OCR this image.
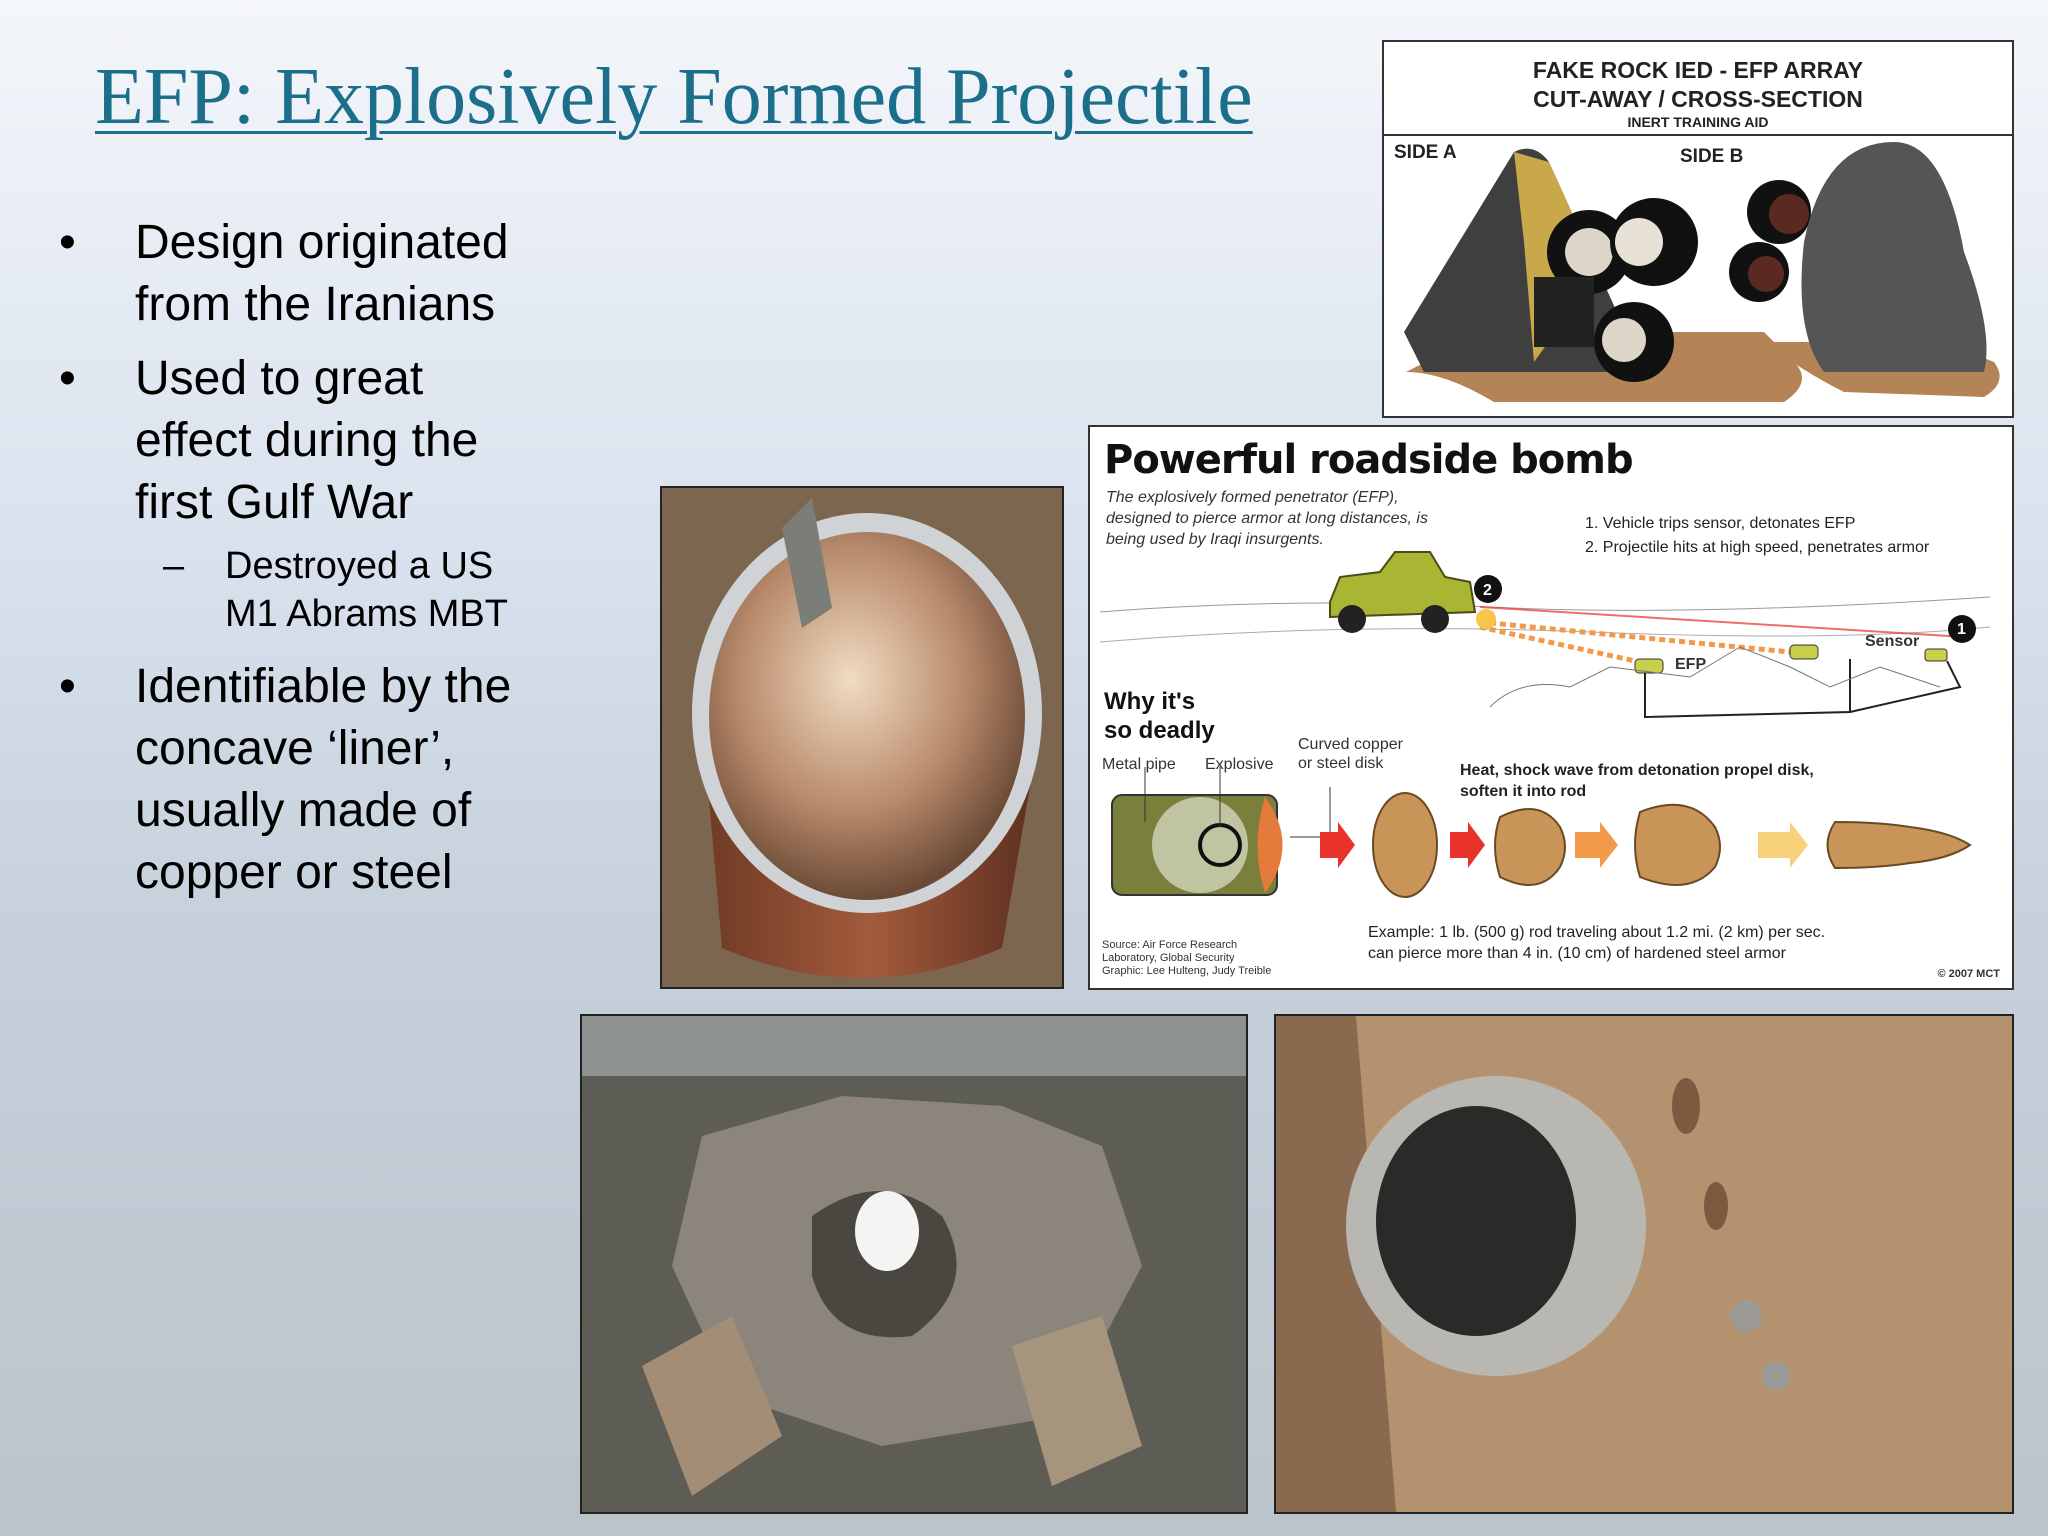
EFP: Explosively Formed Projectile

• Design originated from the Iranians

• Used to great effect during the first Gulf War

– Destroyed a US M1 Abrams MBT

• Identifiable by the concave ‘liner’, usually made of copper or steel

FAKE ROCK IED - EFP ARRAY
CUT-AWAY / CROSS-SECTION
INERT TRAINING AID
SIDE A	SIDE B
Powerful roadside bomb
The explosively formed penetrator (EFP), designed to pierce armor at long distances, is being used by Iraqi insurgents.
1. Vehicle trips sensor, detonates EFP
2. Projectile hits at high speed, penetrates armor
2
1
Sensor
EFP
Why it's
so deadly
Metal pipe Explosive
Curved copper
or steel disk	Heat, shock wave from detonation propel disk,
soften it into rod
Example: 1 lb. (500 g) rod traveling about 1.2 mi. (2 km) per sec.
can pierce more than 4 in. (10 cm) of hardened steel armor
Source: Air Force Research
Laboratory, Global Security
Graphic: Lee Hulteng, Judy Treible	© 2007 MCT
